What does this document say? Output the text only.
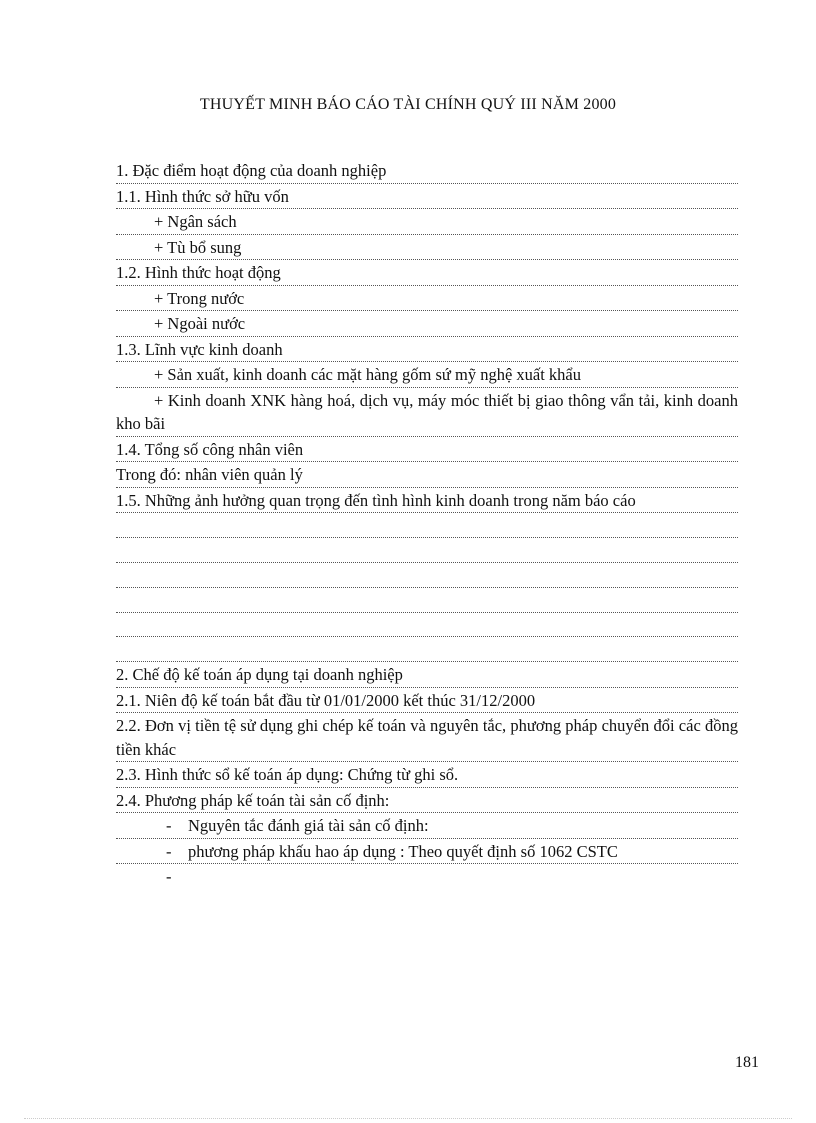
THUYẾT MINH BÁO CÁO TÀI CHÍNH QUÝ III NĂM 2000
1. Đặc điểm hoạt động của doanh nghiệp
1.1. Hình thức sở hữu vốn
+ Ngân sách
+ Tù bổ sung
1.2. Hình thức hoạt động
+ Trong nước
+ Ngoài nước
1.3. Lĩnh vực kinh doanh
+ Sản xuất, kinh doanh các mặt hàng gốm sứ mỹ nghệ xuất khẩu
+ Kinh doanh XNK hàng hoá, dịch vụ, máy móc thiết bị giao thông vẩn tải, kinh doanh kho bãi
1.4. Tổng số công nhân viên
Trong đó: nhân viên quản lý
1.5. Những ảnh hưởng quan trọng đến tình hình kinh doanh trong năm báo cáo
2. Chế độ kế toán áp dụng tại doanh nghiệp
2.1. Niên độ kế toán bắt đầu từ 01/01/2000 kết thúc 31/12/2000
2.2. Đơn vị tiền tệ sử dụng ghi chép kế toán và nguyên tắc, phương pháp chuyển đổi các đồng tiền khác
2.3. Hình thức sổ kế toán áp dụng: Chứng từ ghi sổ.
2.4. Phương pháp kế toán tài sản cố định:
-	Nguyên tắc đánh giá tài sản cố định:
-	phương pháp khấu hao áp dụng : Theo quyết định số 1062 CSTC
-
181
